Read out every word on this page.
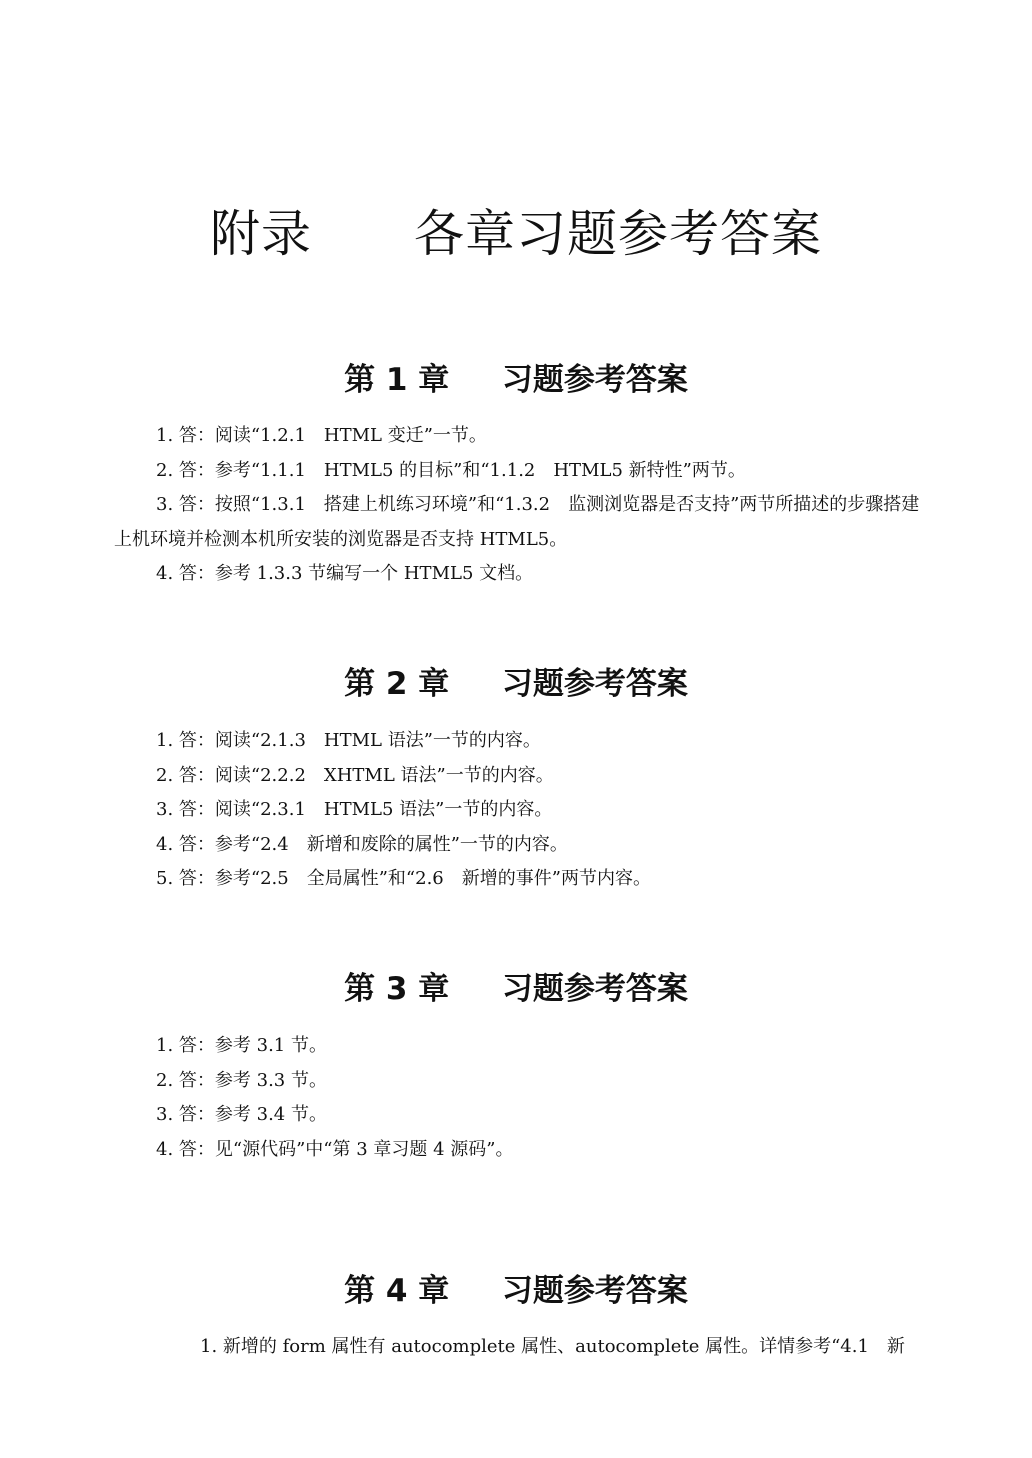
附录　　各章习题参考答案
第 1 章　  习题参考答案
1. 答：阅读“1.2.1　HTML 变迁”一节。
2. 答：参考“1.1.1　HTML5 的目标”和“1.1.2　HTML5 新特性”两节。
3. 答：按照“1.3.1　搭建上机练习环境”和“1.3.2　监测浏览器是否支持”两节所描述的步骤搭建上机环境并检测本机所安装的浏览器是否支持 HTML5。
4. 答：参考 1.3.3 节编写一个 HTML5 文档。
第 2 章　  习题参考答案
1. 答：阅读“2.1.3　HTML 语法”一节的内容。
2. 答：阅读“2.2.2　XHTML 语法”一节的内容。
3. 答：阅读“2.3.1　HTML5 语法”一节的内容。
4. 答：参考“2.4　新增和废除的属性”一节的内容。
5. 答：参考“2.5　全局属性”和“2.6　新增的事件”两节内容。
第 3 章　  习题参考答案
1. 答：参考 3.1 节。
2. 答：参考 3.3 节。
3. 答：参考 3.4 节。
4. 答：见“源代码”中“第 3 章习题 4 源码”。
第 4 章　  习题参考答案
1. 新增的 form 属性有 autocomplete 属性、autocomplete 属性。详情参考“4.1　新
